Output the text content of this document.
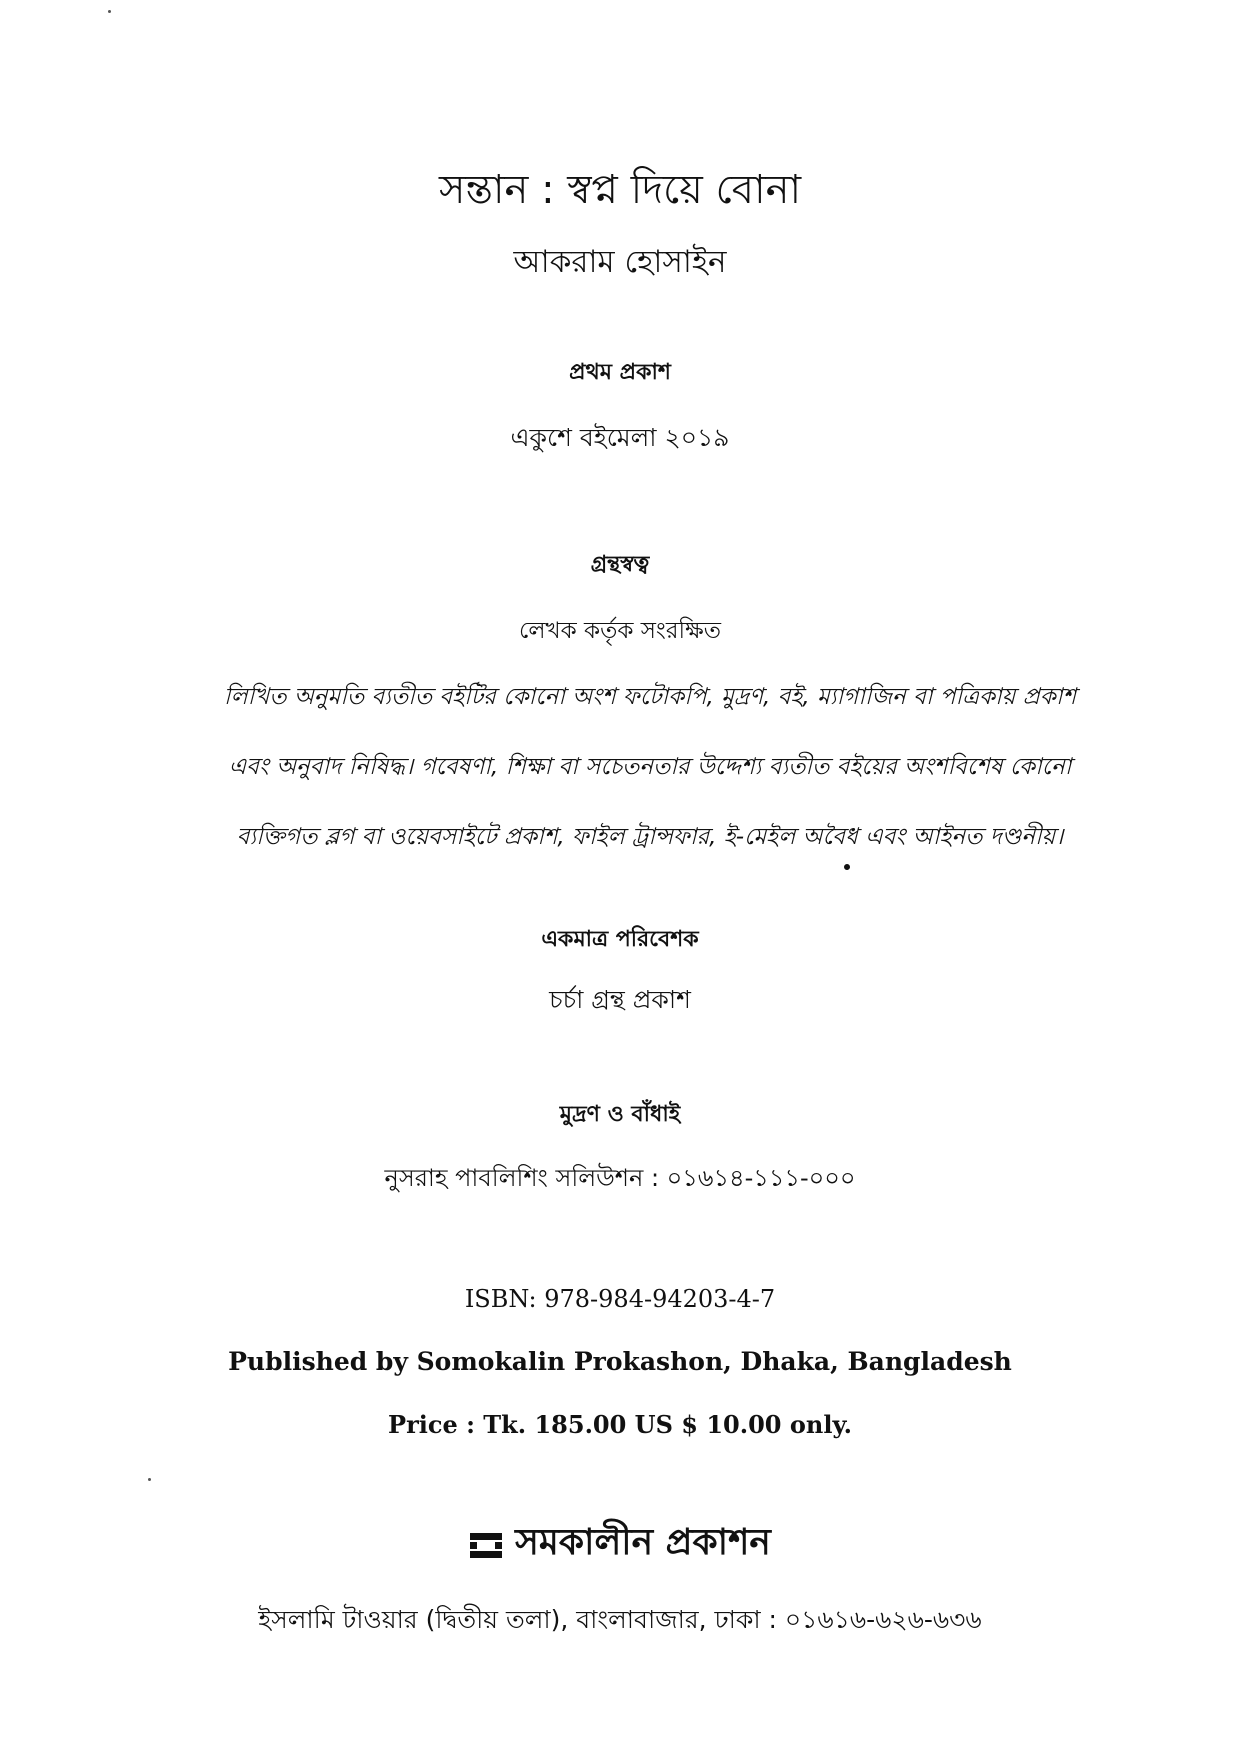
সন্তান : স্বপ্ন দিয়ে বোনা
আকরাম হোসাইন
প্রথম প্রকাশ
একুশে বইমেলা ২০১৯
গ্রন্থস্বত্ব
লেখক কর্তৃক সংরক্ষিত
লিখিত অনুমতি ব্যতীত বইটির কোনো অংশ ফটোকপি, মুদ্রণ, বই, ম্যাগাজিন বা পত্রিকায় প্রকাশ
এবং অনুবাদ নিষিদ্ধ। গবেষণা, শিক্ষা বা সচেতনতার উদ্দেশ্য ব্যতীত বইয়ের অংশবিশেষ কোনো
ব্যক্তিগত ব্লগ বা ওয়েবসাইটে প্রকাশ, ফাইল ট্রান্সফার, ই-মেইল অবৈধ এবং আইনত দণ্ডনীয়।
একমাত্র পরিবেশক
চর্চা গ্রন্থ প্রকাশ
মুদ্রণ ও বাঁধাই
নুসরাহ পাবলিশিং সলিউশন : ০১৬১৪-১১১-০০০
ISBN: 978-984-94203-4-7
Published by Somokalin Prokashon, Dhaka, Bangladesh
Price : Tk. 185.00 US $ 10.00 only.
সমকালীন প্রকাশন
ইসলামি টাওয়ার (দ্বিতীয় তলা), বাংলাবাজার, ঢাকা : ০১৬১৬-৬২৬-৬৩৬
